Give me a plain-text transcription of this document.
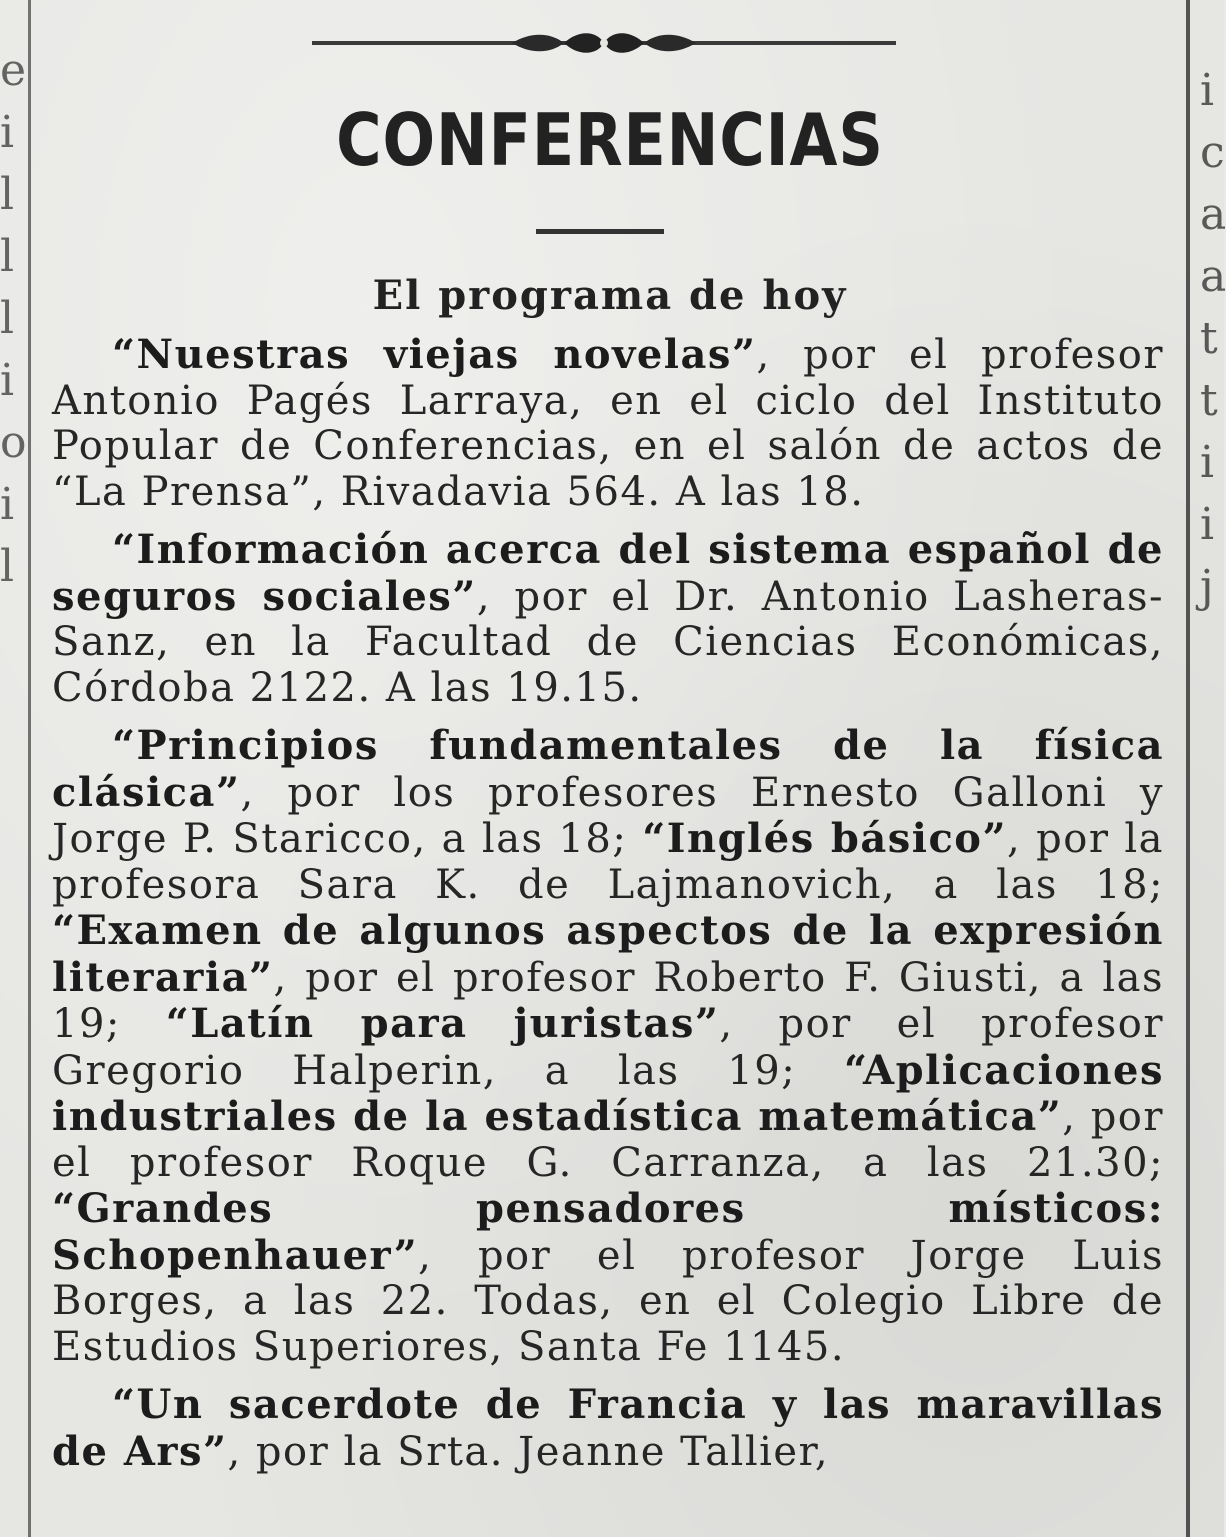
e
i
l
l
l
i
o
i
l
i
c
a
a
t
t
i
i
j
CONFERENCIAS
El programa de hoy

“Nuestras viejas novelas”, por el profesor Antonio Pagés Larraya, en el ciclo del Instituto Popular de Conferencias, en el salón de actos de “La Prensa”, Rivadavia 564. A las 18.

“Información acerca del sistema español de seguros sociales”, por el Dr. Antonio Lasheras-Sanz, en la Facultad de Ciencias Económicas, Córdoba 2122. A las 19.15.

“Principios fundamentales de la física clásica”, por los profesores Ernesto Galloni y Jorge P. Staricco, a las 18; “Inglés básico”, por la profesora Sara K. de Lajmanovich, a las 18; “Examen de algunos aspectos de la expresión literaria”, por el profesor Roberto F. Giusti, a las 19; “Latín para juristas”, por el profesor Gregorio Halperin, a las 19; “Aplicaciones industriales de la estadística matemática”, por el profesor Roque G. Carranza, a las 21.30; “Grandes pensadores místicos: Schopenhauer”, por el profesor Jorge Luis Borges, a las 22. Todas, en el Colegio Libre de Estudios Superiores, Santa Fe 1145.

“Un sacerdote de Francia y las maravillas de Ars”, por la Srta. Jeanne Tallier,
